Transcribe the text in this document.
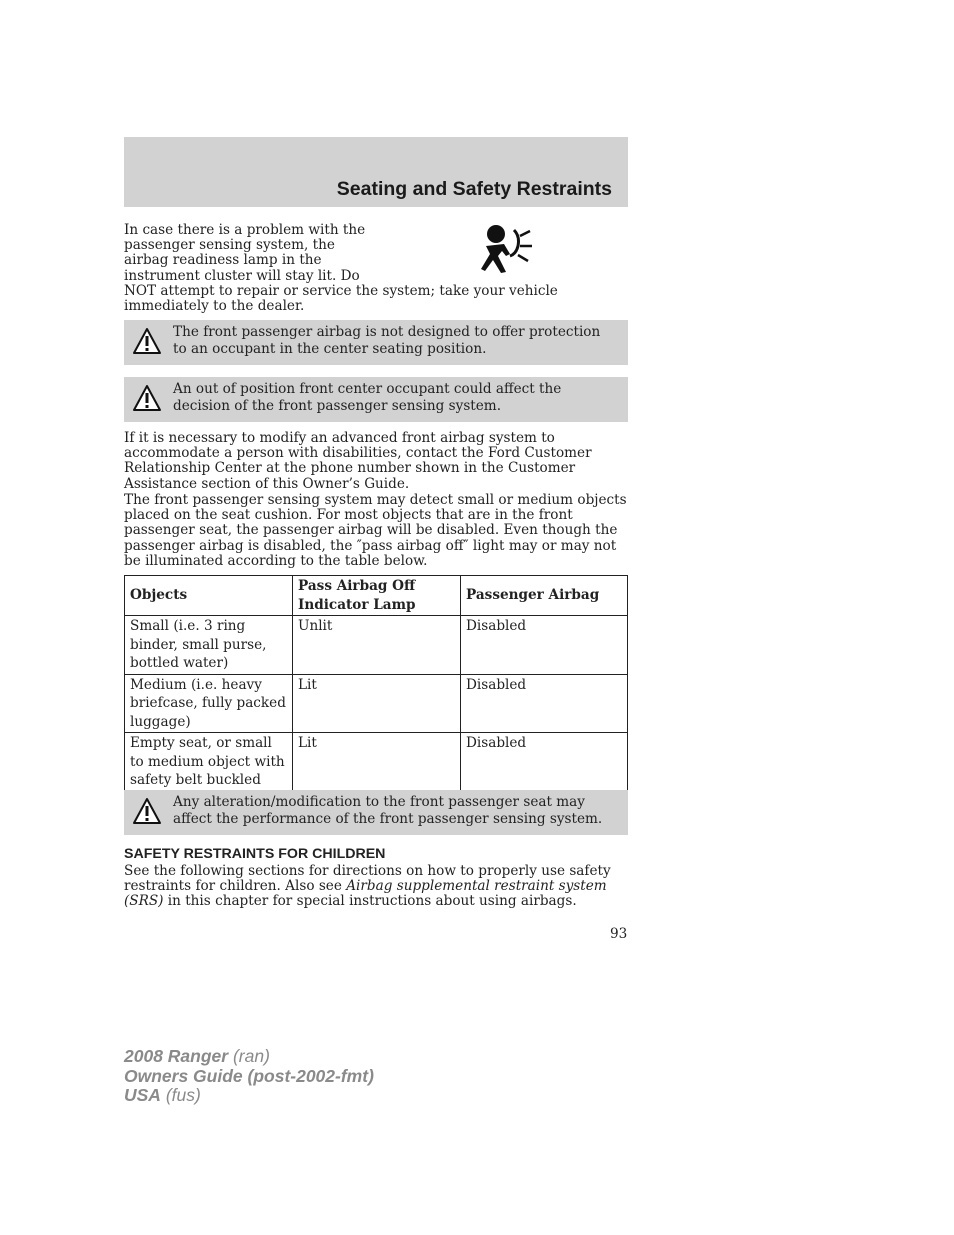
Seating and Safety Restraints

In case there is a problem with the
passenger sensing system, the
airbag readiness lamp in the
instrument cluster will stay lit. Do
NOT attempt to repair or service the system; take your vehicle immediately to the dealer.

The front passenger airbag is not designed to offer protection to an occupant in the center seating position.
An out of position front center occupant could affect the decision of the front passenger sensing system.

If it is necessary to modify an advanced front airbag system to accommodate a person with disabilities, contact the Ford Customer Relationship Center at the phone number shown in the Customer Assistance section of this Owner’s Guide.

The front passenger sensing system may detect small or medium objects placed on the seat cushion. For most objects that are in the front passenger seat, the passenger airbag will be disabled. Even though the passenger airbag is disabled, the ″pass airbag off″ light may or may not be illuminated according to the table below.

Objects	Pass Airbag Off Indicator Lamp	Passenger Airbag
Small (i.e. 3 ring binder, small purse, bottled water)	Unlit	Disabled
Medium (i.e. heavy briefcase, fully packed luggage)	Lit	Disabled
Empty seat, or small to medium object with safety belt buckled	Lit	Disabled
Any alteration/modification to the front passenger seat may affect the performance of the front passenger sensing system.
SAFETY RESTRAINTS FOR CHILDREN

See the following sections for directions on how to properly use safety restraints for children. Also see Airbag supplemental restraint system (SRS) in this chapter for special instructions about using airbags.

93
2008 Ranger (ran)
Owners Guide (post-2002-fmt)
USA (fus)
